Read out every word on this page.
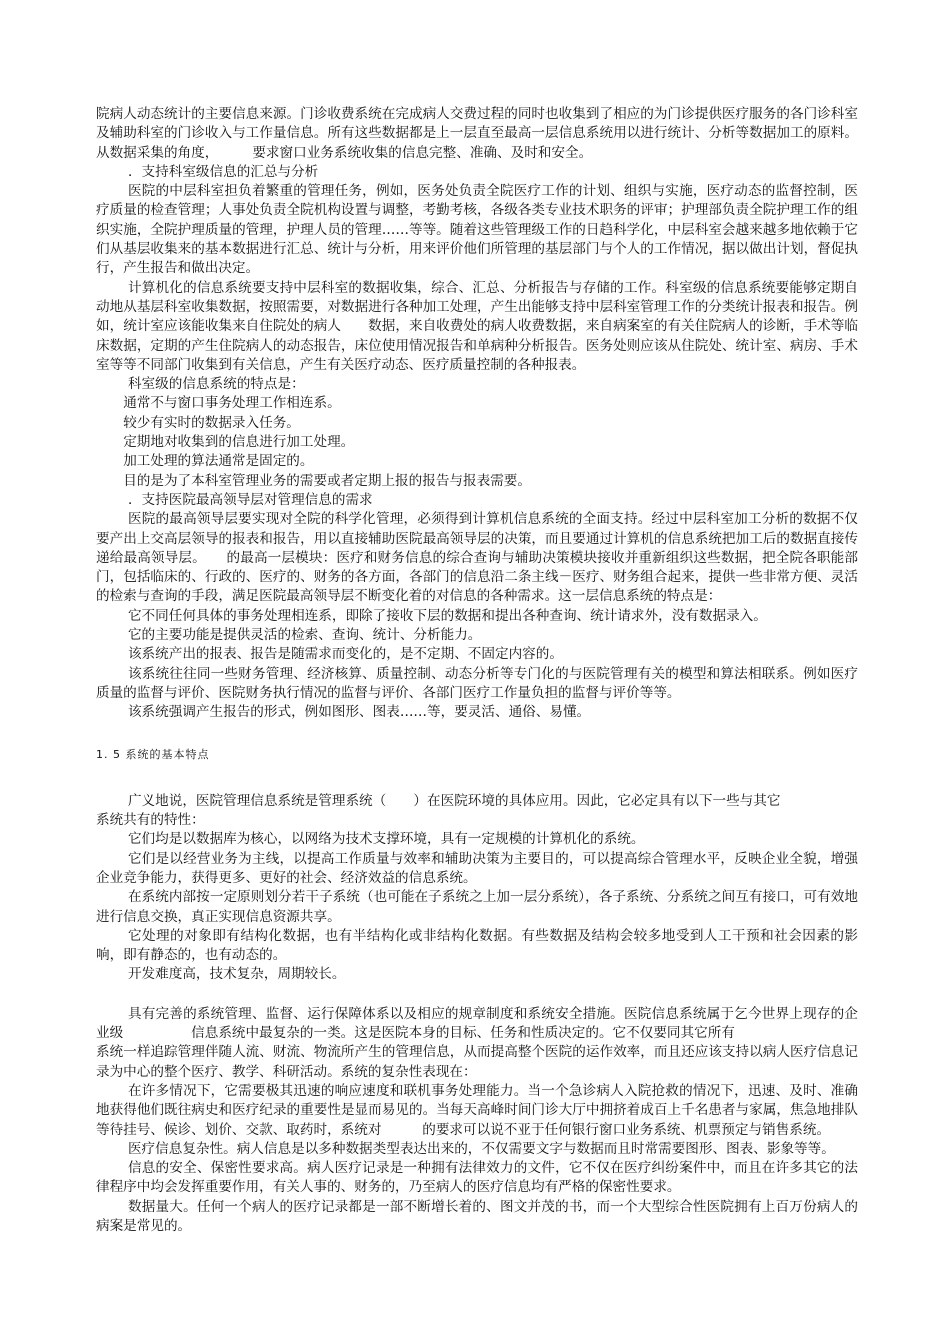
院病人动态统计的主要信息来源。门诊收费系统在完成病人交费过程的同时也收集到了相应的为门诊提供医疗服务的各门诊科室及辅助科室的门诊收入与工作量信息。所有这些数据都是上一层直至最高一层信息系统用以进行统计、分析等数据加工的原料。从数据采集的角度，　　　要求窗口业务系统收集的信息完整、准确、及时和安全。

．支持科室级信息的汇总与分析

医院的中层科室担负着繁重的管理任务，例如，医务处负责全院医疗工作的计划、组织与实施，医疗动态的监督控制，医疗质量的检查管理；人事处负责全院机构设置与调整，考勤考核，各级各类专业技术职务的评审；护理部负责全院护理工作的组织实施，全院护理质量的管理，护理人员的管理……等等。随着这些管理级工作的日趋科学化，中层科室会越来越多地依赖于它们从基层收集来的基本数据进行汇总、统计与分析，用来评价他们所管理的基层部门与个人的工作情况，据以做出计划，督促执行，产生报告和做出决定。

计算机化的信息系统要支持中层科室的数据收集，综合、汇总、分析报告与存储的工作。科室级的信息系统要能够定期自动地从基层科室收集数据，按照需要，对数据进行各种加工处理，产生出能够支持中层科室管理工作的分类统计报表和报告。例如，统计室应该能收集来自住院处的病人　　数据，来自收费处的病人收费数据，来自病案室的有关住院病人的诊断，手术等临床数据，定期的产生住院病人的动态报告，床位使用情况报告和单病种分析报告。医务处则应该从住院处、统计室、病房、手术室等等不同部门收集到有关信息，产生有关医疗动态、医疗质量控制的各种报表。

科室级的信息系统的特点是：

通常不与窗口事务处理工作相连系。

较少有实时的数据录入任务。

定期地对收集到的信息进行加工处理。

加工处理的算法通常是固定的。

目的是为了本科室管理业务的需要或者定期上报的报告与报表需要。

．支持医院最高领导层对管理信息的需求

医院的最高领导层要实现对全院的科学化管理，必须得到计算机信息系统的全面支持。经过中层科室加工分析的数据不仅要产出上交高层领导的报表和报告，用以直接辅助医院最高领导层的决策，而且要通过计算机的信息系统把加工后的数据直接传递给最高领导层。　　的最高一层模块：医疗和财务信息的综合查询与辅助决策模块接收并重新组织这些数据，把全院各职能部门，包括临床的、行政的、医疗的、财务的各方面，各部门的信息沿二条主线－医疗、财务组合起来，提供一些非常方便、灵活的检索与查询的手段，满足医院最高领导层不断变化着的对信息的各种需求。这一层信息系统的特点是：

它不同任何具体的事务处理相连系，即除了接收下层的数据和提出各种查询、统计请求外，没有数据录入。

它的主要功能是提供灵活的检索、查询、统计、分析能力。

该系统产出的报表、报告是随需求而变化的，是不定期、不固定内容的。

该系统往往同一些财务管理、经济核算、质量控制、动态分析等专门化的与医院管理有关的模型和算法相联系。例如医疗质量的监督与评价、医院财务执行情况的监督与评价、各部门医疗工作量负担的监督与评价等等。

该系统强调产生报告的形式，例如图形、图表……等，要灵活、通俗、易懂。

1. 5 系统的基本特点

广义地说，医院管理信息系统是管理系统（　　）在医院环境的具体应用。因此，它必定具有以下一些与其它

系统共有的特性：

它们均是以数据库为核心，以网络为技术支撑环境，具有一定规模的计算机化的系统。

它们是以经营业务为主线，以提高工作质量与效率和辅助决策为主要目的，可以提高综合管理水平，反映企业全貌，增强企业竞争能力，获得更多、更好的社会、经济效益的信息系统。

在系统内部按一定原则划分若干子系统（也可能在子系统之上加一层分系统），各子系统、分系统之间互有接口，可有效地进行信息交换，真正实现信息资源共享。

它处理的对象即有结构化数据，也有半结构化或非结构化数据。有些数据及结构会较多地受到人工干预和社会因素的影响，即有静态的，也有动态的。

开发难度高，技术复杂，周期较长。

具有完善的系统管理、监督、运行保障体系以及相应的规章制度和系统安全措施。医院信息系统属于乞今世界上现存的企业级　　　　　信息系统中最复杂的一类。这是医院本身的目标、任务和性质决定的。它不仅要同其它所有

系统一样追踪管理伴随人流、财流、物流所产生的管理信息，从而提高整个医院的运作效率，而且还应该支持以病人医疗信息记录为中心的整个医疗、教学、科研活动。系统的复杂性表现在：

在许多情况下，它需要极其迅速的响应速度和联机事务处理能力。当一个急诊病人入院抢救的情况下，迅速、及时、准确地获得他们既往病史和医疗纪录的重要性是显而易见的。当每天高峰时间门诊大厅中拥挤着成百上千名患者与家属，焦急地排队等待挂号、候诊、划价、交款、取药时，系统对　　　的要求可以说不亚于任何银行窗口业务系统、机票预定与销售系统。

医疗信息复杂性。病人信息是以多种数据类型表达出来的，不仅需要文字与数据而且时常需要图形、图表、影象等等。

信息的安全、保密性要求高。病人医疗记录是一种拥有法律效力的文件，它不仅在医疗纠纷案件中，而且在许多其它的法律程序中均会发挥重要作用，有关人事的、财务的，乃至病人的医疗信息均有严格的保密性要求。

数据量大。任何一个病人的医疗记录都是一部不断增长着的、图文并茂的书，而一个大型综合性医院拥有上百万份病人的病案是常见的。
